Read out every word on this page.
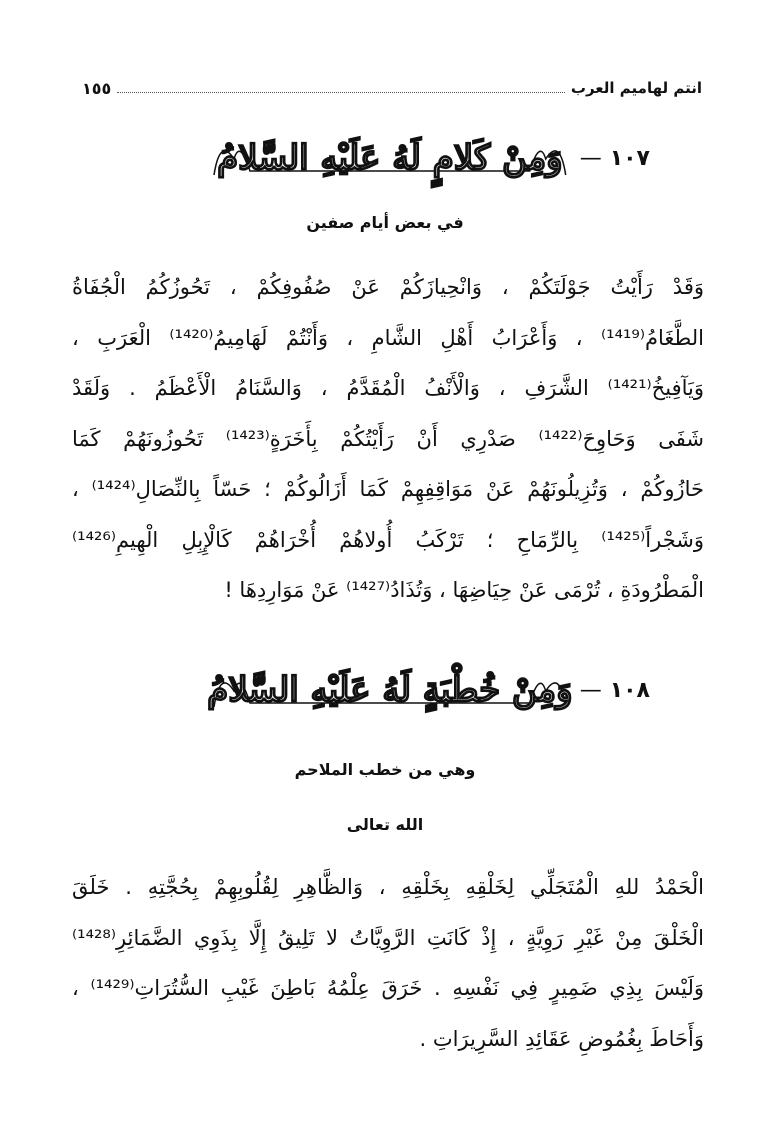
انتم لهاميم العرب
١٥٥
١٠٧
—
وَمِنْ كَلامٍ لَهُ عَلَيْهِ السَّلامُ
في بعض أيام صفين
وَقَدْ رَأَيْتُ جَوْلَتَكُمْ ، وَانْحِيازَكُمْ عَنْ صُفُوفِكُمْ ، تَحُوزُكُمُ الْجُفَاةُ
الطَّغَامُ⁽¹⁴¹⁹⁾ ، وَأَعْرَابُ أَهْلِ الشَّامِ ، وَأَنْتُمْ لَهَامِيمُ⁽¹⁴²⁰⁾ الْعَرَبِ ،
وَيَآفِيخُ⁽¹⁴²¹⁾ الشَّرَفِ ، وَالْأَنْفُ الْمُقَدَّمُ ، وَالسَّنَامُ الْأَعْظَمُ . وَلَقَدْ
شَفَى وَحَاوِحَ⁽¹⁴²²⁾ صَدْرِي أَنْ رَأَيْتُكُمْ بِأَخَرَةٍ⁽¹⁴²³⁾ تَحُوزُونَهُمْ كَمَا
حَازُوكُمْ ، وَتُزِيلُونَهُمْ عَنْ مَوَاقِفِهِمْ كَمَا أَزَالُوكُمْ ؛ حَسّاً بِالنِّصَالِ⁽¹⁴²⁴⁾ ،
وَشَجْراً⁽¹⁴²⁵⁾ بِالرِّمَاحِ ؛ تَرْكَبُ أُولاهُمْ أُخْرَاهُمْ كَالْإِبِلِ الْهِيمِ⁽¹⁴²⁶⁾
الْمَطْرُودَةِ ، تُرْمَى عَنْ حِيَاضِهَا ، وَتُذَادُ⁽¹⁴²⁷⁾ عَنْ مَوَارِدِهَا !
١٠٨
—
وَمِنْ خُطْبَةٍ لَهُ عَلَيْهِ السَّلامُ
وهي من خطب الملاحم
الله تعالى
الْحَمْدُ للهِ الْمُتَجَلِّي لِخَلْقِهِ بِخَلْقِهِ ، وَالظَّاهِرِ لِقُلُوبِهِمْ بِحُجَّتِهِ . خَلَقَ
الْخَلْقَ مِنْ غَيْرِ رَوِيَّةٍ ، إِذْ كَانَتِ الرَّوِيَّاتُ لا تَلِيقُ إِلَّا بِذَوِي الضَّمَائِرِ⁽¹⁴²⁸⁾
وَلَيْسَ بِذِي ضَمِيرٍ فِي نَفْسِهِ . خَرَقَ عِلْمُهُ بَاطِنَ غَيْبِ السُّتُرَاتِ⁽¹⁴²⁹⁾ ،
وَأَحَاطَ بِغُمُوضِ عَقَائِدِ السَّرِيرَاتِ .
